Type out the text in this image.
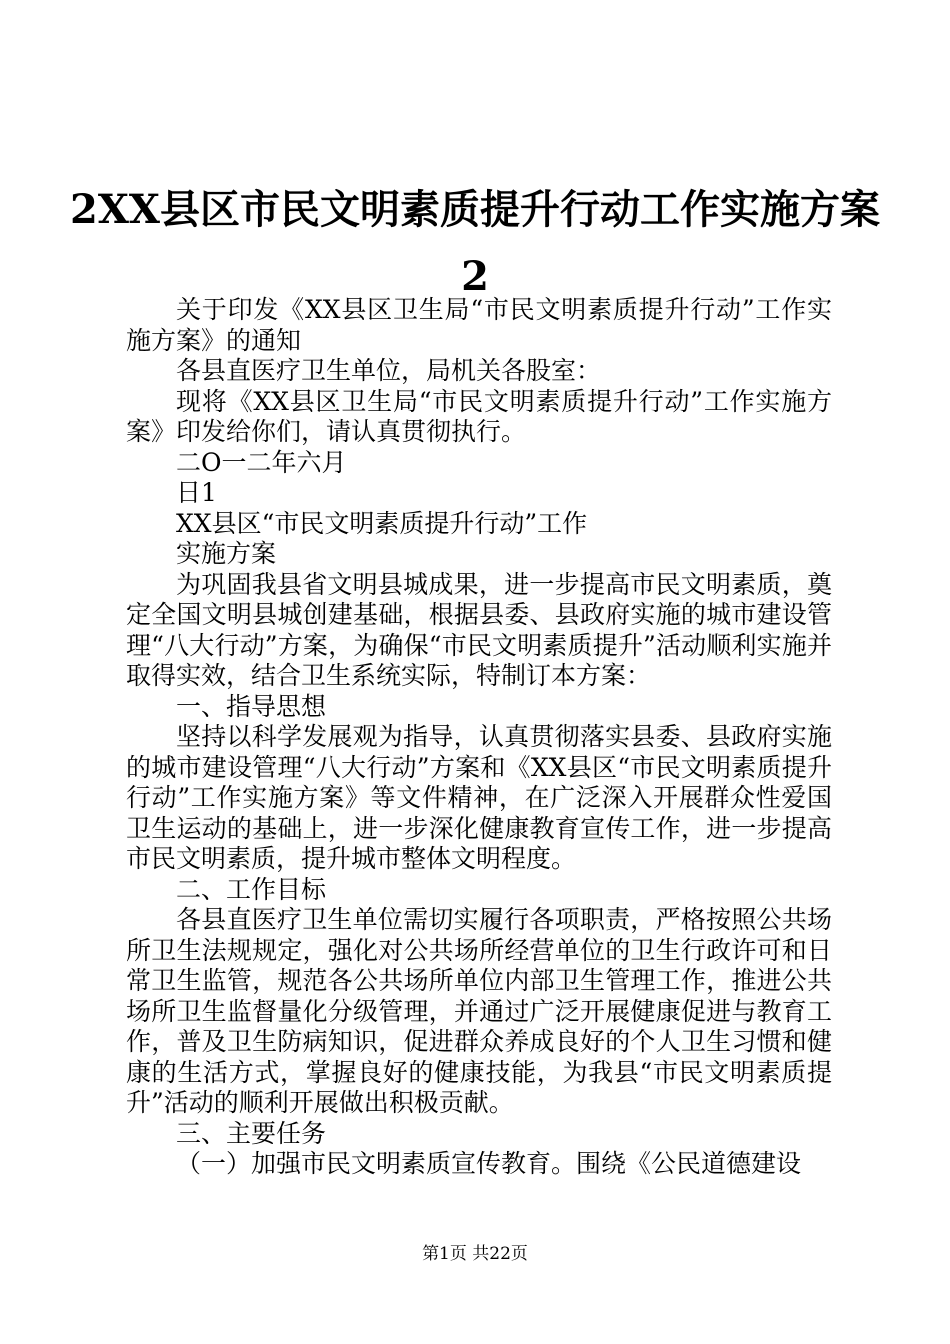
2XX县区市民文明素质提升行动工作实施方案
2

关于印发《XX县区卫生局“市民文明素质提升行动”工作实施方案》的通知

各县直医疗卫生单位，局机关各股室：

现将《XX县区卫生局“市民文明素质提升行动”工作实施方案》印发给你们，请认真贯彻执行。

二O一二年六月

日1

XX县区“市民文明素质提升行动”工作

实施方案

为巩固我县省文明县城成果，进一步提高市民文明素质，奠定全国文明县城创建基础，根据县委、县政府实施的城市建设管理“八大行动”方案，为确保“市民文明素质提升”活动顺利实施并取得实效，结合卫生系统实际，特制订本方案：

一、指导思想

坚持以科学发展观为指导，认真贯彻落实县委、县政府实施的城市建设管理“八大行动”方案和《XX县区“市民文明素质提升行动”工作实施方案》等文件精神，在广泛深入开展群众性爱国卫生运动的基础上，进一步深化健康教育宣传工作，进一步提高市民文明素质，提升城市整体文明程度。

二、工作目标

各县直医疗卫生单位需切实履行各项职责，严格按照公共场所卫生法规规定，强化对公共场所经营单位的卫生行政许可和日常卫生监管，规范各公共场所单位内部卫生管理工作，推进公共场所卫生监督量化分级管理，并通过广泛开展健康促进与教育工作，普及卫生防病知识，促进群众养成良好的个人卫生习惯和健康的生活方式，掌握良好的健康技能，为我县“市民文明素质提升”活动的顺利开展做出积极贡献。

三、主要任务

（一）加强市民文明素质宣传教育。围绕《公民道德建设

第1页 共22页
